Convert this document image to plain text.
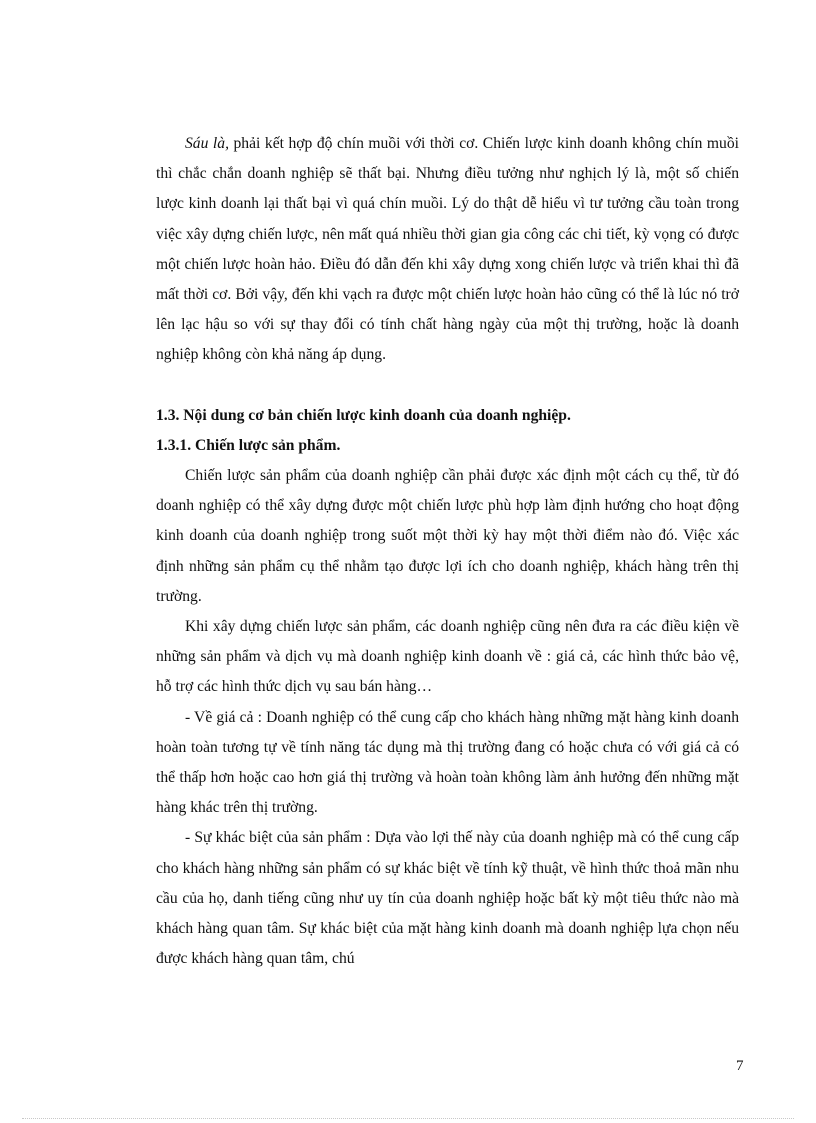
Sáu là, phải kết hợp độ chín muồi với thời cơ. Chiến lược kinh doanh không chín muồi thì chắc chắn doanh nghiệp sẽ thất bại. Nhưng điều tưởng như nghịch lý là, một số chiến lược kinh doanh lại thất bại vì quá chín muồi. Lý do thật dễ hiểu vì tư tưởng cầu toàn trong việc xây dựng chiến lược, nên mất quá nhiều thời gian gia công các chi tiết, kỳ vọng có được một chiến lược hoàn hảo. Điều đó dẫn đến khi xây dựng xong chiến lược và triển khai thì đã mất thời cơ. Bởi vậy, đến khi vạch ra được một chiến lược hoàn hảo cũng có thể là lúc nó trở lên lạc hậu so với sự thay đổi có tính chất hàng ngày của một thị trường, hoặc là doanh nghiệp không còn khả năng áp dụng.

1.3. Nội dung cơ bản chiến lược kinh doanh của doanh nghiệp.

1.3.1. Chiến lược sản phẩm.

Chiến lược sản phẩm của doanh nghiệp cần phải được xác định một cách cụ thể, từ đó doanh nghiệp có thể xây dựng được một chiến lược phù hợp làm định hướng cho hoạt động kinh doanh của doanh nghiệp trong suốt một thời kỳ hay một thời điểm nào đó. Việc xác định những sản phẩm cụ thể nhằm tạo được lợi ích cho doanh nghiệp, khách hàng trên thị trường.

Khi xây dựng chiến lược sản phẩm, các doanh nghiệp cũng nên đưa ra các điều kiện về những sản phẩm và dịch vụ mà doanh nghiệp kinh doanh về : giá cả, các hình thức bảo vệ, hỗ trợ các hình thức dịch vụ sau bán hàng…

- Về giá cả : Doanh nghiệp có thể cung cấp cho khách hàng những mặt hàng kinh doanh hoàn toàn tương tự về tính năng tác dụng mà thị trường đang có hoặc chưa có với giá cả có thể thấp hơn hoặc cao hơn giá thị trường và hoàn toàn không làm ảnh hưởng đến những mặt hàng khác trên thị trường.

- Sự khác biệt của sản phẩm : Dựa vào lợi thế này của doanh nghiệp mà có thể cung cấp cho khách hàng những sản phẩm có sự khác biệt về tính kỹ thuật, về hình thức thoả mãn nhu cầu của họ, danh tiếng cũng như uy tín của doanh nghiệp hoặc bất kỳ một tiêu thức nào mà khách hàng quan tâm. Sự khác biệt của mặt hàng kinh doanh mà doanh nghiệp lựa chọn nếu được khách hàng quan tâm, chú

7
